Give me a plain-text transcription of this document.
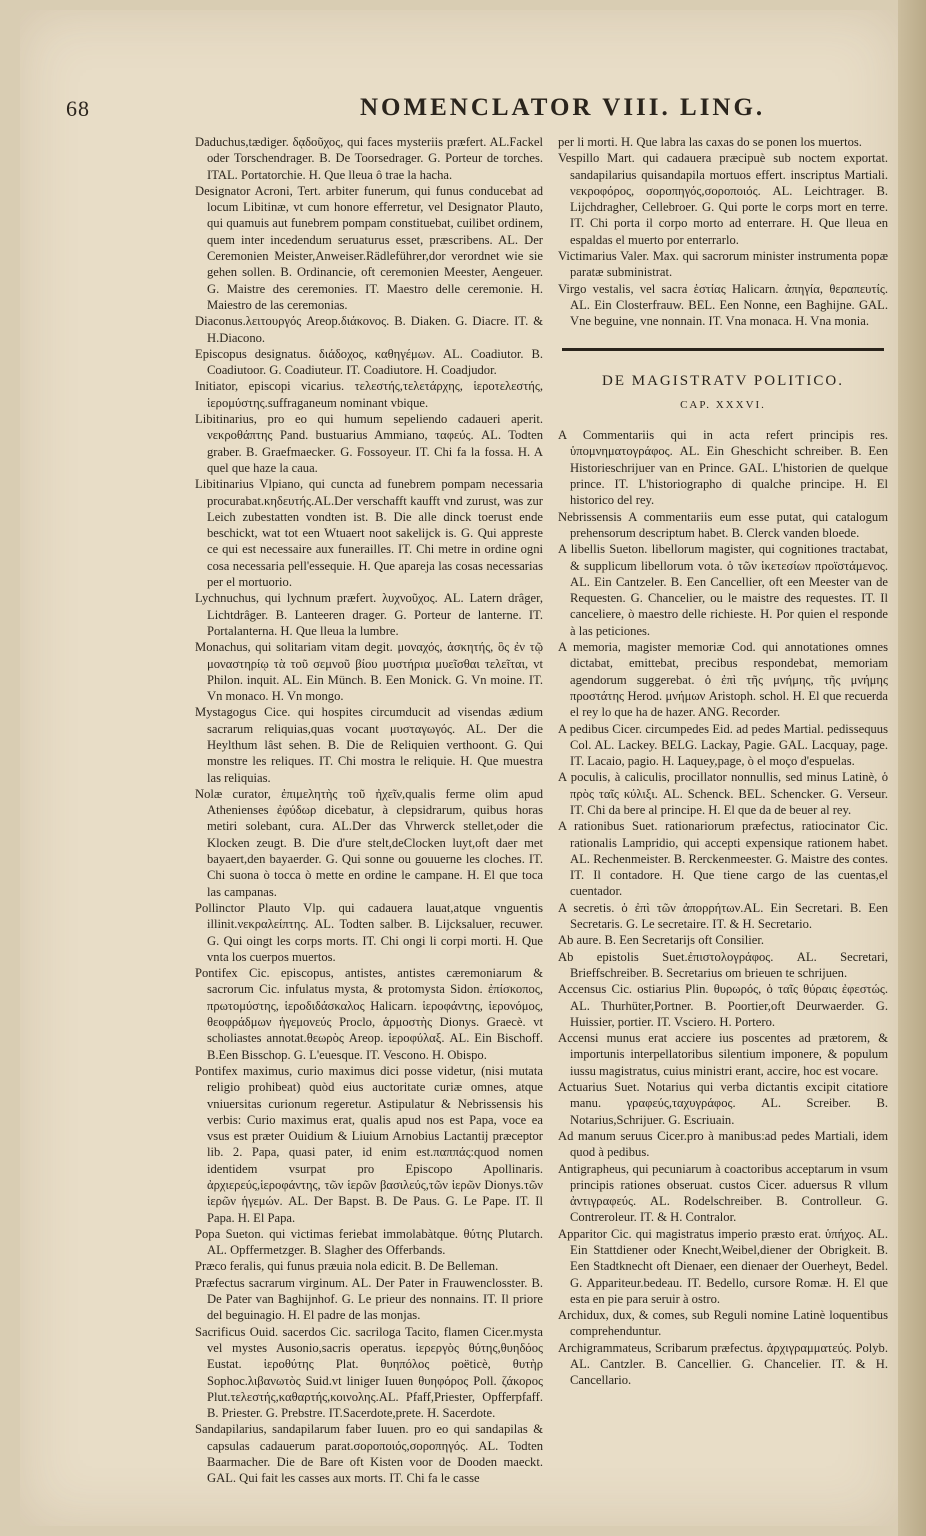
68	NOMENCLATOR VIII. LING.

Daduchus,tædiger. δᾳδοῦχος, qui faces mysteriis præfert. AL.Fackel oder Torschendrager. B. De Toorsedrager. G. Porteur de torches. ITAL. Portatorchie. H. Que lleua ô trae la hacha.

Designator Acroni, Tert. arbiter funerum, qui funus conducebat ad locum Libitinæ, vt cum honore efferretur, vel Designator Plauto, qui quamuis aut funebrem pompam constituebat, cuilibet ordinem, quem inter incedendum seruaturus esset, præscribens. AL. Der Ceremonien Meister,Anweiser.Rädleführer,dor verordnet wie sie gehen sollen. B. Ordinancie, oft ceremonien Meester, Aengeuer. G. Maistre des ceremonies. IT. Maestro delle ceremonie. H. Maiestro de las ceremonias.

Diaconus.λειτουργός Areop.διάκονος. B. Diaken. G. Diacre. IT. & H.Diacono.

Episcopus designatus. διάδοχος, καθηγέμων. AL. Coadiutor. B. Coadiutoor. G. Coadiuteur. IT. Coadiutore. H. Coadjudor.

Initiator, episcopi vicarius. τελεστής,τελετάρχης, ἱεροτελεστής, ἱερομύστης.suffraganeum nominant vbique.

Libitinarius, pro eo qui humum sepeliendo cadaueri aperit. νεκροθάπτης Pand. bustuarius Ammiano, ταφεύς. AL. Todten graber. B. Graefmaecker. G. Fossoyeur. IT. Chi fa la fossa. H. A quel que haze la caua.

Libitinarius Vlpiano, qui cuncta ad funebrem pompam necessaria procurabat.κηδευτής.AL.Der verschafft kaufft vnd zurust, was zur Leich zubestatten vondten ist. B. Die alle dinck toerust ende beschickt, wat tot een Wtuaert noot sakelijck is. G. Qui appreste ce qui est necessaire aux funerailles. IT. Chi metre in ordine ogni cosa necessaria pell'essequie. H. Que apareja las cosas necessarias per el mortuorio.

Lychnuchus, qui lychnum præfert. λυχνοῦχος. AL. Latern drâger, Lichtdrâger. B. Lanteeren drager. G. Porteur de lanterne. IT. Portalanterna. H. Que lleua la lumbre.

Monachus, qui solitariam vitam degit. μοναχός, ἀσκητής, ὃς ἐν τῷ μοναστηρίῳ τὰ τοῦ σεμνοῦ βίου μυστήρια μυεῖσθαι τελεῖται, vt Philon. inquit. AL. Ein Münch. B. Een Monick. G. Vn moine. IT. Vn monaco. H. Vn mongo.

Mystagogus Cice. qui hospites circumducit ad visendas ædium sacrarum reliquias,quas vocant μυσταγωγός. AL. Der die Heylthum lâst sehen. B. Die de Reliquien verthoont. G. Qui monstre les reliques. IT. Chi mostra le reliquie. H. Que muestra las reliquias.

Nolæ curator, ἐπιμελητὴς τοῦ ἠχεῖν,qualis ferme olim apud Athenienses ἐφύδωρ dicebatur, à clepsidrarum, quibus horas metiri solebant, cura. AL.Der das Vhrwerck stellet,oder die Klocken zeugt. B. Die d'ure stelt,deClocken luyt,oft daer met bayaert,den bayaerder. G. Qui sonne ou gouuerne les cloches. IT. Chi suona ò tocca ò mette en ordine le campane. H. El que toca las campanas.

Pollinctor Plauto Vlp. qui cadauera lauat,atque vnguentis illinit.νεκραλείπτης. AL. Todten salber. B. Lijcksaluer, recuwer. G. Qui oingt les corps morts. IT. Chi ongi li corpi morti. H. Que vnta los cuerpos muertos.

Pontifex Cic. episcopus, antistes, antistes cæremoniarum & sacrorum Cic. infulatus mysta, & protomysta Sidon. ἐπίσκοπος, πρωτομύστης, ἱεροδιδάσκαλος Halicarn. ἱεροφάντης, ἱερονόμος, θεοφράδμων ἡγεμονεύς Proclo, ἁρμοστὴς Dionys. Graecè. vt scholiastes annotat.θεωρὸς Areop. ἱεροφύλαξ. AL. Ein Bischoff. B.Een Bisschop. G. L'euesque. IT. Vescono. H. Obispo.

Pontifex maximus, curio maximus dici posse videtur, (nisi mutata religio prohibeat) quòd eius auctoritate curiæ omnes, atque vniuersitas curionum regeretur. Astipulatur & Nebrissensis his verbis: Curio maximus erat, qualis apud nos est Papa, voce ea vsus est præter Ouidium & Liuium Arnobius Lactantij præceptor lib. 2. Papa, quasi pater, id enim est.παππάς:quod nomen identidem vsurpat pro Episcopo Apollinaris. ἀρχιερεύς,ἱεροφάντης, τῶν ἱερῶν βασιλεύς,τῶν ἱερῶν Dionys.τῶν ἱερῶν ἡγεμών. AL. Der Bapst. B. De Paus. G. Le Pape. IT. Il Papa. H. El Papa.

Popa Sueton. qui victimas feriebat immolabàtque. θύτης Plutarch. AL. Opffermetzger. B. Slagher des Offerbands.

Præco feralis, qui funus præuia nola edicit. B. De Belleman.

Præfectus sacrarum virginum. AL. Der Pater in Frauwenclosster. B. De Pater van Baghijnhof. G. Le prieur des nonnains. IT. Il priore del beguinagio. H. El padre de las monjas.

Sacrificus Ouid. sacerdos Cic. sacriloga Tacito, flamen Cicer.mysta vel mystes Ausonio,sacris operatus. ἱερεργὸς θύτης,θυηδόος Eustat. ἱεροθύτης Plat. θυηπόλος poëticè, θυτὴρ Sophoc.λιβανωτὸς Suid.vt liniger Iuuen θυηφόρος Poll. ζάκορος Plut.τελεστής,καθαρτής,κοινολης.AL. Pfaff,Priester, Opfferpfaff. B. Priester. G. Prebstre. IT.Sacerdote,prete. H. Sacerdote.

Sandapilarius, sandapilarum faber Iuuen. pro eo qui sandapilas & capsulas cadauerum parat.σοροποιός,σοροπηγός. AL. Todten Baarmacher. Die de Bare oft Kisten voor de Dooden maeckt. GAL. Qui fait les casses aux morts. IT. Chi fa le casse

per li morti. H. Que labra las caxas do se ponen los muertos.

Vespillo Mart. qui cadauera præcipuè sub noctem exportat. sandapilarius quisandapila mortuos effert. inscriptus Martiali. νεκροφόρος, σοροπηγός,σοροποιός. AL. Leichtrager. B. Lijchdragher, Cellebroer. G. Qui porte le corps mort en terre. IT. Chi porta il corpo morto ad enterrare. H. Que lleua en espaldas el muerto por enterrarlo.

Victimarius Valer. Max. qui sacrorum minister instrumenta popæ paratæ subministrat.

Virgo vestalis, vel sacra ἑστίας Halicarn. ἀπηγία, θεραπευτίς. AL. Ein Closterfrauw. BEL. Een Nonne, een Baghijne. GAL. Vne beguine, vne nonnain. IT. Vna monaca. H. Vna monia.

DE MAGISTRATV POLITICO.
CAP. XXXVI.

A Commentariis qui in acta refert principis res. ὑπομνηματογράφος. AL. Ein Gheschicht schreiber. B. Een Historieschrijuer van en Prince. GAL. L'historien de quelque prince. IT. L'historiographo di qualche principe. H. El historico del rey.

Nebrissensis A commentariis eum esse putat, qui catalogum prehensorum descriptum habet. B. Clerck vanden bloede.

A libellis Sueton. libellorum magister, qui cognitiones tractabat, & supplicum libellorum vota. ὁ τῶν ἱκετεσίων προϊστάμενος. AL. Ein Cantzeler. B. Een Cancellier, oft een Meester van de Requesten. G. Chancelier, ou le maistre des requestes. IT. Il canceliere, ò maestro delle richieste. H. Por quien el responde à las peticiones.

A memoria, magister memoriæ Cod. qui annotationes omnes dictabat, emittebat, precibus respondebat, memoriam agendorum suggerebat. ὁ ἐπὶ τῆς μνήμης, τῆς μνήμης προστάτης Herod. μνήμων Aristoph. schol. H. El que recuerda el rey lo que ha de hazer. ANG. Recorder.

A pedibus Cicer. circumpedes Eid. ad pedes Martial. pedissequus Col. AL. Lackey. BELG. Lackay, Pagie. GAL. Lacquay, page. IT. Lacaio, pagio. H. Laquey,page, ò el moço d'espuelas.

A poculis, à caliculis, procillator nonnullis, sed minus Latinè, ὁ πρὸς ταῖς κύλιξι. AL. Schenck. BEL. Schencker. G. Verseur. IT. Chi da bere al principe. H. El que da de beuer al rey.

A rationibus Suet. rationariorum præfectus, ratiocinator Cic. rationalis Lampridio, qui accepti expensique rationem habet. AL. Rechenmeister. B. Rerckenmeester. G. Maistre des contes. IT. Il contadore. H. Que tiene cargo de las cuentas,el cuentador.

A secretis. ὁ ἐπὶ τῶν ἀπορρήτων.AL. Ein Secretari. B. Een Secretaris. G. Le secretaire. IT. & H. Secretario.

Ab aure. B. Een Secretarijs oft Consilier.

Ab epistolis Suet.ἐπιστολογράφος. AL. Secretari, Brieffschreiber. B. Secretarius om brieuen te schrijuen.

Accensus Cic. ostiarius Plin. θυρωρός, ὁ ταῖς θύραις ἐφεστώς. AL. Thurhüter,Portner. B. Poortier,oft Deurwaerder. G. Huissier, portier. IT. Vsciero. H. Portero.

Accensi munus erat acciere ius poscentes ad prætorem, & importunis interpellatoribus silentium imponere, & populum iussu magistratus, cuius ministri erant, accire, hoc est vocare.

Actuarius Suet. Notarius qui verba dictantis excipit citatiore manu. γραφεύς,ταχυγράφος. AL. Screiber. B. Notarius,Schrijuer. G. Escriuain.

Ad manum seruus Cicer.pro à manibus:ad pedes Martiali, idem quod à pedibus.

Antigrapheus, qui pecuniarum à coactoribus acceptarum in vsum principis rationes obseruat. custos Cicer. aduersus R vllum ἀντιγραφεύς. AL. Rodelschreiber. B. Controlleur. G. Contreroleur. IT. & H. Contralor.

Apparitor Cic. qui magistratus imperio præsto erat. ὑπήχος. AL. Ein Stattdiener oder Knecht,Weibel,diener der Obrigkeit. B. Een Stadtknecht oft Dienaer, een dienaer der Ouerheyt, Bedel. G. Appariteur.bedeau. IT. Bedello, cursore Romæ. H. El que esta en pie para seruir à ostro.

Archidux, dux, & comes, sub Reguli nomine Latinè loquentibus comprehenduntur.

Archigrammateus, Scribarum præfectus. ἀρχιγραμματεύς. Polyb. AL. Cantzler. B. Cancellier. G. Chancelier. IT. & H. Cancellario.
